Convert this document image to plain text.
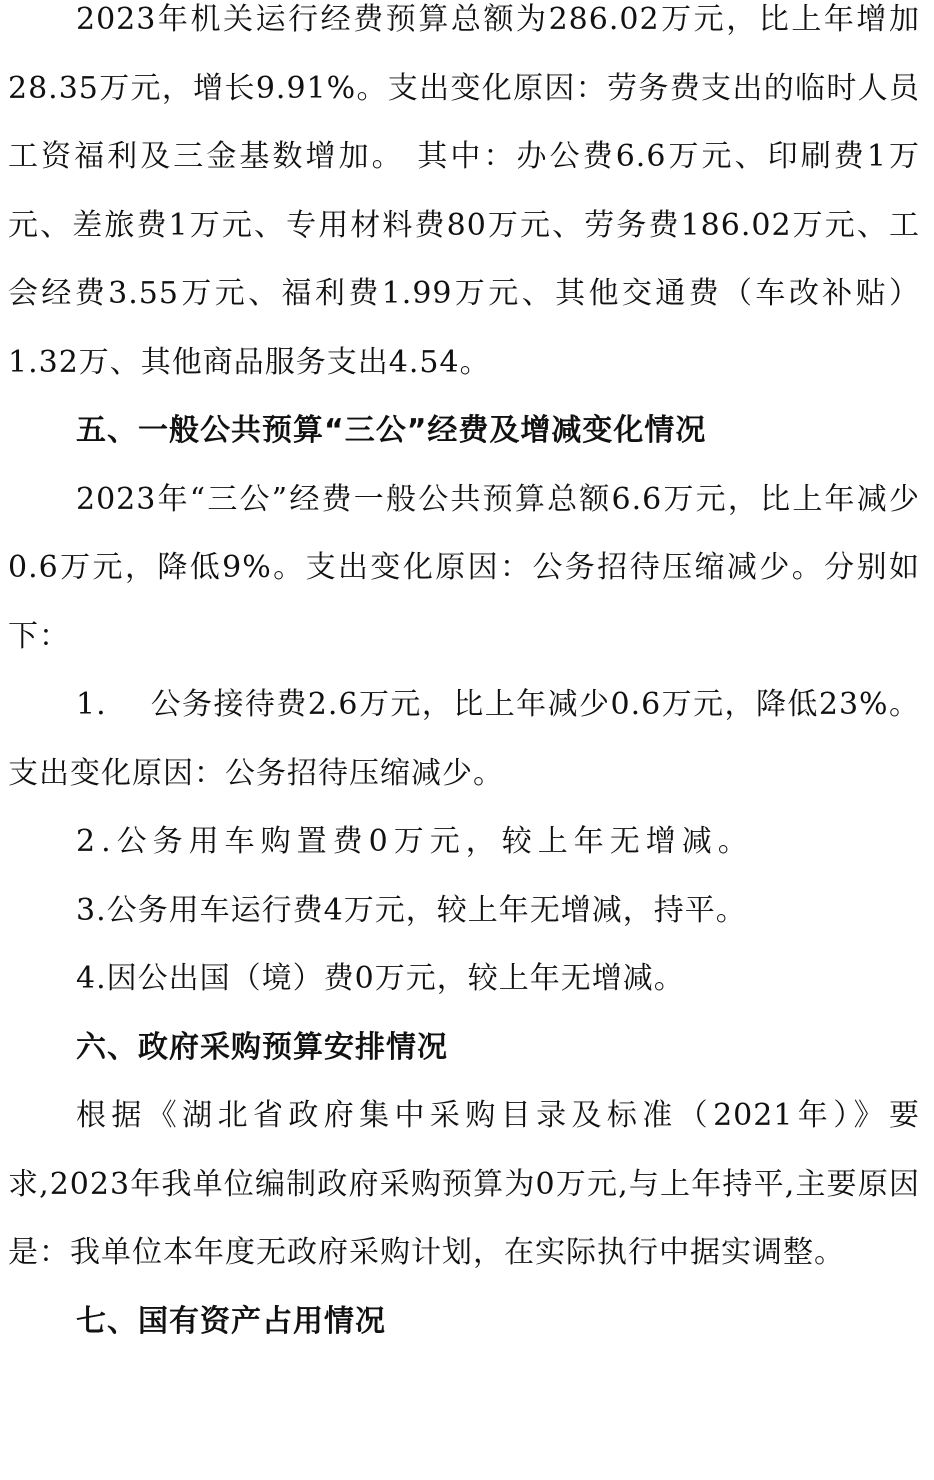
2023年机关运行经费预算总额为286.02万元，比上年增加28.35万元，增长9.91%。支出变化原因：劳务费支出的临时人员工资福利及三金基数增加。 其中：办公费6.6万元、印刷费1万元、差旅费1万元、专用材料费80万元、劳务费186.02万元、工会经费3.55万元、福利费1.99万元、其他交通费（车改补贴）1.32万、其他商品服务支出4.54。

五、一般公共预算“三公”经费及增减变化情况

2023年“三公”经费一般公共预算总额6.6万元，比上年减少0.6万元，降低9%。支出变化原因：公务招待压缩减少。分别如下：

1. 公务接待费2.6万元，比上年减少0.6万元，降低23%。支出变化原因：公务招待压缩减少。

2.公务用车购置费0万元，较上年无增减。

3.公务用车运行费4万元，较上年无增减，持平。

4.因公出国（境）费0万元，较上年无增减。

六、政府采购预算安排情况

根据《湖北省政府集中采购目录及标准（2021年）》要求,2023年我单位编制政府采购预算为0万元,与上年持平,主要原因是：我单位本年度无政府采购计划，在实际执行中据实调整。

七、国有资产占用情况
